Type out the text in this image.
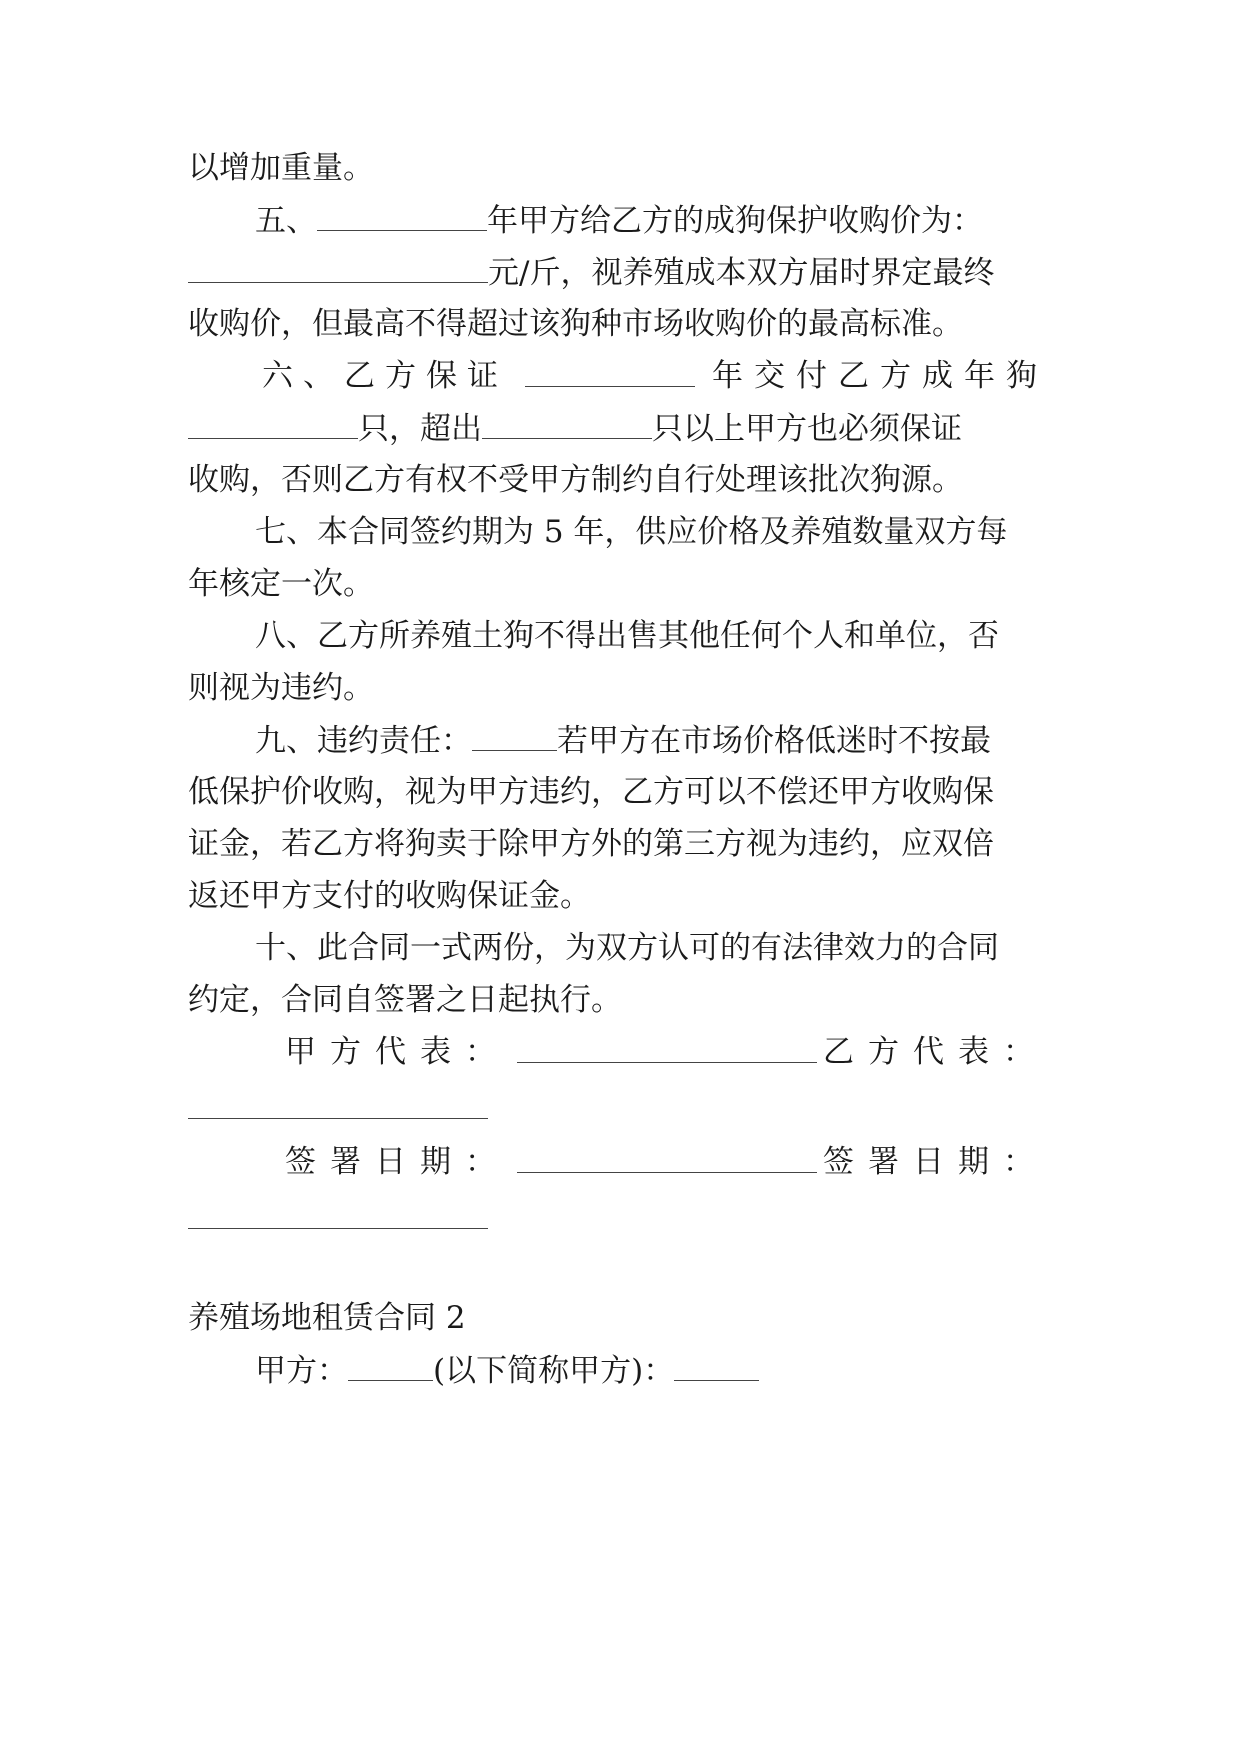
以增加重量。
五、	年甲方给乙方的成狗保护收购价为：
元/斤，视养殖成本双方届时界定最终
收购价，但最高不得超过该狗种市场收购价的最高标准。
六、乙方保证	年交付乙方成年狗
只，超出	只以上甲方也必须保证
收购，否则乙方有权不受甲方制约自行处理该批次狗源。
七、本合同签约期为 5 年，供应价格及养殖数量双方每
年核定一次。
八、乙方所养殖土狗不得出售其他任何个人和单位，否
则视为违约。
九、违约责任：	若甲方在市场价格低迷时不按最
低保护价收购，视为甲方违约，乙方可以不偿还甲方收购保
证金，若乙方将狗卖于除甲方外的第三方视为违约，应双倍
返还甲方支付的收购保证金。
十、此合同一式两份，为双方认可的有法律效力的合同
约定，合同自签署之日起执行。
甲方代表：	乙方代表：
签署日期：	签署日期：
养殖场地租赁合同 2
甲方：	(以下简称甲方)：
